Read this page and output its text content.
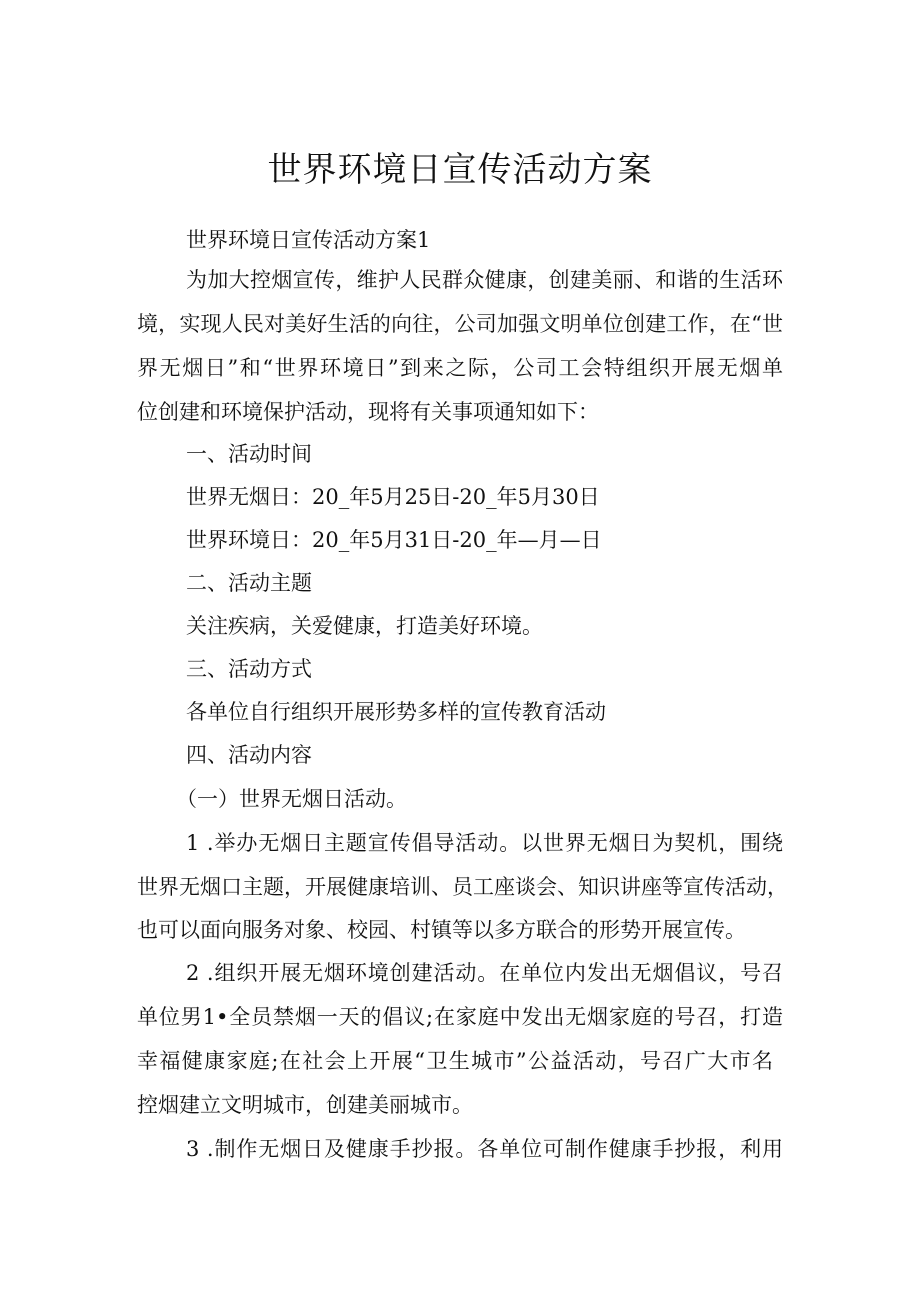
世界环境日宣传活动方案
世界环境日宣传活动方案1
为加大控烟宣传，维护人民群众健康，创建美丽、和谐的生活环
境，实现人民对美好生活的向往，公司加强文明单位创建工作，在“世
界无烟日”和“世界环境日”到来之际，公司工会特组织开展无烟单
位创建和环境保护活动，现将有关事项通知如下：
一、活动时间
世界无烟日：20_年5月25日-20_年5月30日
世界环境日：20_年5月31日-20_年—月—日
二、活动主题
关注疾病，关爱健康，打造美好环境。
三、活动方式
各单位自行组织开展形势多样的宣传教育活动
四、活动内容
（一）世界无烟日活动。
1 .举办无烟日主题宣传倡导活动。以世界无烟日为契机，围绕
世界无烟口主题，开展健康培训、员工座谈会、知识讲座等宣传活动，
也可以面向服务对象、校园、村镇等以多方联合的形势开展宣传。
2 .组织开展无烟环境创建活动。在单位内发出无烟倡议，号召
单位男1•全员禁烟一天的倡议;在家庭中发出无烟家庭的号召，打造
幸福健康家庭;在社会上开展“卫生城市”公益活动，号召广大市名
控烟建立文明城市，创建美丽城市。
3 .制作无烟日及健康手抄报。各单位可制作健康手抄报，利用
